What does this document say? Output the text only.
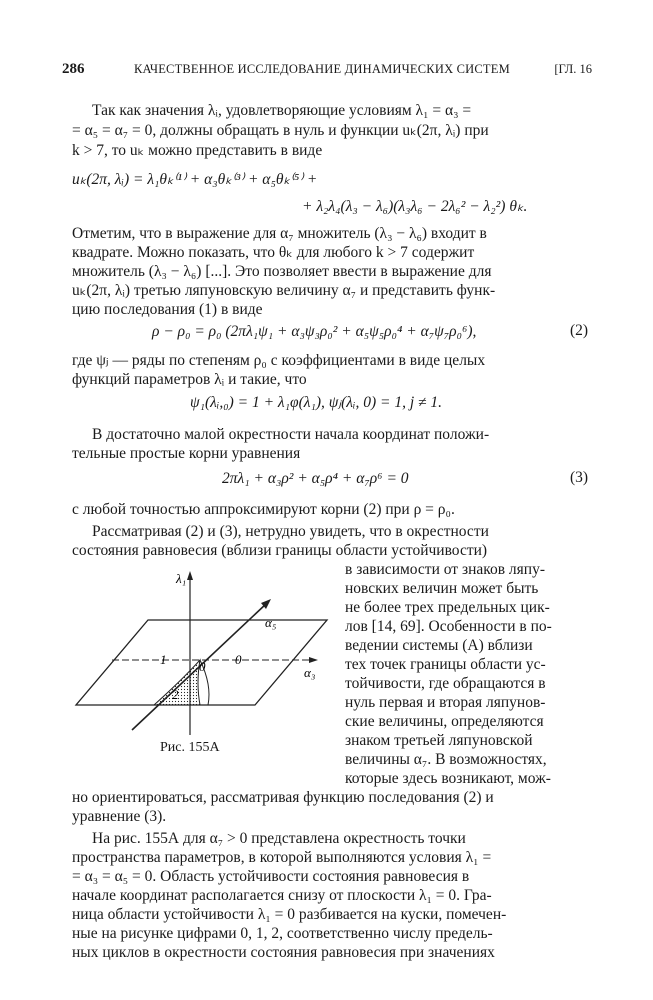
286	КАЧЕСТВЕННОЕ ИССЛЕДОВАНИЕ ДИНАМИЧЕСКИХ СИСТЕМ	[ГЛ. 16
Так как значения λᵢ, удовлетворяющие условиям λ₁ = α₃ =
= α₅ = α₇ = 0, должны обращать в нуль и функции uₖ(2π, λᵢ) при
k > 7, то uₖ можно представить в виде
uₖ(2π, λᵢ) = λ₁θₖ⁽¹⁾ + α₃θₖ⁽³⁾ + α₅θₖ⁽⁵⁾ +
+ λ₂λ₄(λ₃ − λ₆)(λ₃λ₆ − 2λ₆² − λ₂²) θₖ.
Отметим, что в выражение для α₇ множитель (λ₃ − λ₆) входит в
квадрате. Можно показать, что θₖ для любого k > 7 содержит
множитель (λ₃ − λ₆) [...]. Это позволяет ввести в выражение для
uₖ(2π, λᵢ) третью ляпуновскую величину α₇ и представить функ-
цию последования (1) в виде
ρ − ρ₀ = ρ₀ (2πλ₁ψ₁ + α₃ψ₃ρ₀² + α₅ψ₅ρ₀⁴ + α₇ψ₇ρ₀⁶),	(2)
где ψⱼ — ряды по степеням ρ₀ с коэффициентами в виде целых
функций параметров λᵢ и такие, что
ψ₁(λᵢ,₀) = 1 + λ₁φ(λ₁), ψⱼ(λᵢ, 0) = 1, j ≠ 1.
В достаточно малой окрестности начала координат положи-
тельные простые корни уравнения
2πλ₁ + α₃ρ² + α₅ρ⁴ + α₇ρ⁶ = 0	(3)
с любой точностью аппроксимируют корни (2) при ρ = ρ₀.
Рассматривая (2) и (3), нетрудно увидеть, что в окрестности
состояния равновесия (вблизи границы области устойчивости)
в зависимости от знаков ляпу-
новских величин может быть
не более трех предельных цик-
лов [14, 69]. Особенности в по-
ведении системы (А) вблизи
тех точек границы области ус-
тойчивости, где обращаются в
нуль первая и вторая ляпунов-
ские величины, определяются
знаком третьей ляпуновской
величины α₇. В возможностях,
которые здесь возникают, мож-
но ориентироваться, рассматривая функцию последования (2) и
уравнение (3).
На рис. 155А для α₇ > 0 представлена окрестность точки
пространства параметров, в которой выполняются условия λ₁ =
= α₃ = α₅ = 0. Область устойчивости состояния равновесия в
начале координат располагается снизу от плоскости λ₁ = 0. Гра-
ница области устойчивости λ₁ = 0 разбивается на куски, помечен-
ные на рисунке цифрами 0, 1, 2, соответственно числу предель-
ных циклов в окрестности состояния равновесия при значениях
λ₁
α₅
α₃
1	0 0
2
Рис. 155А
